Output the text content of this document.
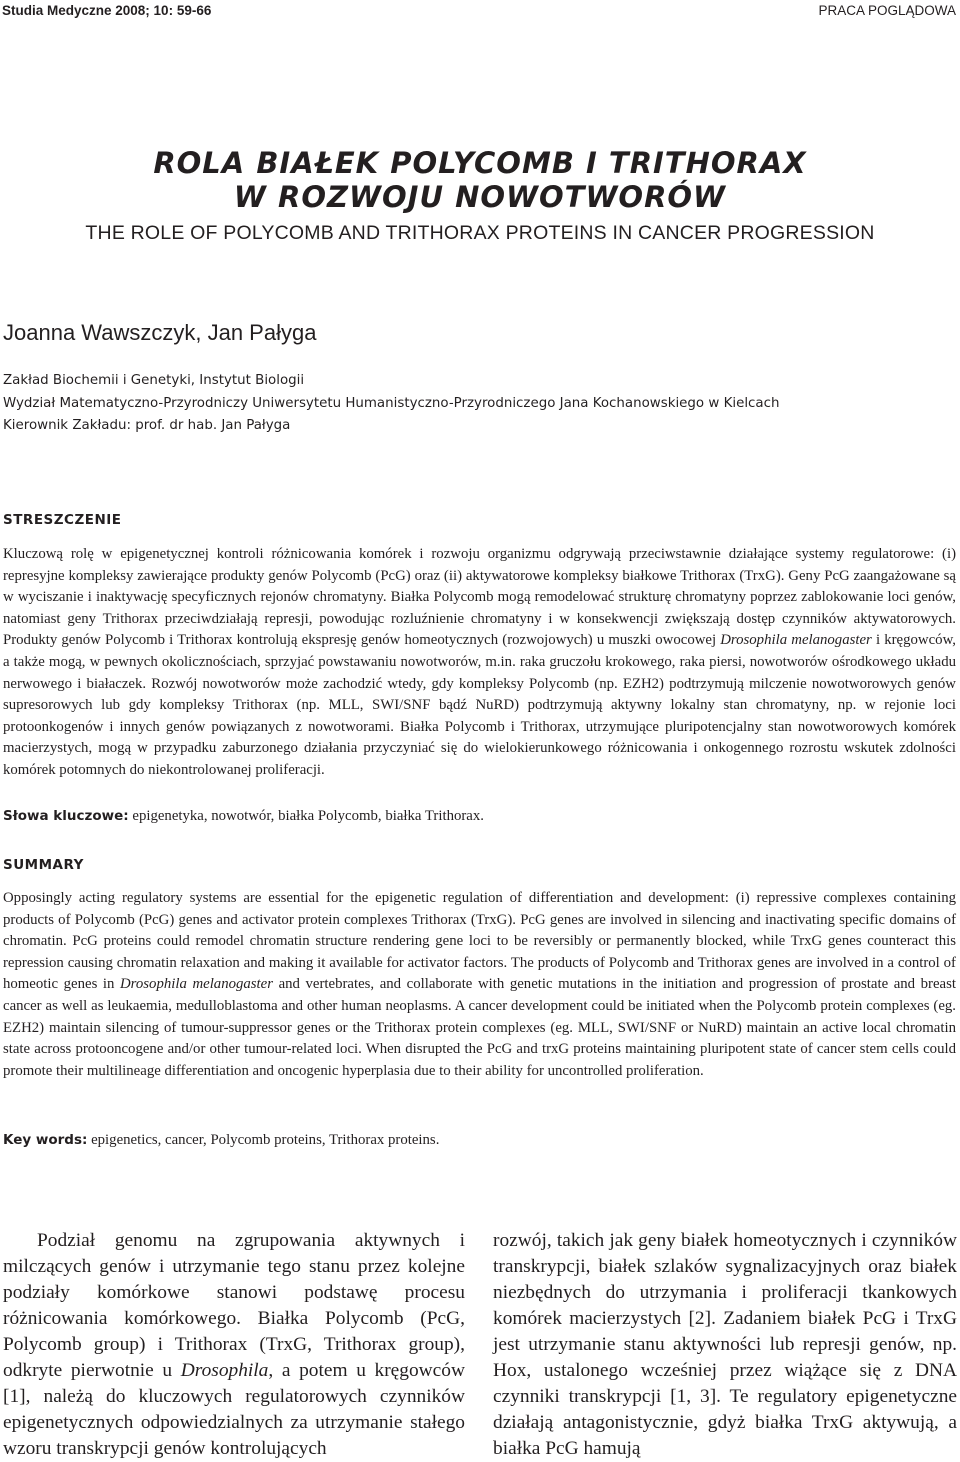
Studia Medyczne 2008; 10: 59-66	PRACA POGLĄDOWA
ROLA BIAŁEK POLYCOMB I TRITHORAX
W ROZWOJU NOWOTWORÓW
THE ROLE OF POLYCOMB AND TRITHORAX PROTEINS IN CANCER PROGRESSION
Joanna Wawszczyk, Jan Pałyga
Zakład Biochemii i Genetyki, Instytut Biologii
Wydział Matematyczno-Przyrodniczy Uniwersytetu Humanistyczno-Przyrodniczego Jana Kochanowskiego w Kielcach
Kierownik Zakładu: prof. dr hab. Jan Pałyga
STRESZCZENIE

Kluczową rolę w epigenetycznej kontroli różnicowania komórek i rozwoju organizmu odgrywają przeciwstawnie działające systemy regulatorowe: (i) represyjne kompleksy zawierające produkty genów Polycomb (PcG) oraz (ii) aktywatorowe kompleksy białkowe Trithorax (TrxG). Geny PcG zaangażowane są w wyciszanie i inaktywację specyficznych rejonów chromatyny. Białka Polycomb mogą remodelować strukturę chromatyny poprzez zablokowanie loci genów, natomiast geny Trithorax przeciwdziałają represji, powodując rozluźnienie chromatyny i w konsekwencji zwiększają dostęp czynników aktywatorowych. Produkty genów Polycomb i Trithorax kontrolują ekspresję genów homeotycznych (rozwojowych) u muszki owocowej Drosophila melanogaster i kręgowców, a także mogą, w pewnych okolicznościach, sprzyjać powstawaniu nowotworów, m.in. raka gruczołu krokowego, raka piersi, nowotworów ośrodkowego układu nerwowego i białaczek. Rozwój nowotworów może zachodzić wtedy, gdy kompleksy Polycomb (np. EZH2) podtrzymują milczenie nowotworowych genów supresorowych lub gdy kompleksy Trithorax (np. MLL, SWI/SNF bądź NuRD) podtrzymują aktywny lokalny stan chromatyny, np. w rejonie loci protoonkogenów i innych genów powiązanych z nowotworami. Białka Polycomb i Trithorax, utrzymujące pluripotencjalny stan nowotworowych komórek macierzystych, mogą w przypadku zaburzonego działania przyczyniać się do wielokierunkowego różnicowania i onkogennego rozrostu wskutek zdolności komórek potomnych do niekontrolowanej proliferacji.

Słowa kluczowe: epigenetyka, nowotwór, białka Polycomb, białka Trithorax.
SUMMARY

Opposingly acting regulatory systems are essential for the epigenetic regulation of differentiation and development: (i) repressive complexes containing products of Polycomb (PcG) genes and activator protein complexes Trithorax (TrxG). PcG genes are involved in silencing and inactivating specific domains of chromatin. PcG proteins could remodel chromatin structure rendering gene loci to be reversibly or permanently blocked, while TrxG genes counteract this repression causing chromatin relaxation and making it available for activator factors. The products of Polycomb and Trithorax genes are involved in a control of homeotic genes in Drosophila melanogaster and vertebrates, and collaborate with genetic mutations in the initiation and progression of prostate and breast cancer as well as leukaemia, medulloblastoma and other human neoplasms. A cancer development could be initiated when the Polycomb protein complexes (eg. EZH2) maintain silencing of tumour-suppressor genes or the Trithorax protein complexes (eg. MLL, SWI/SNF or NuRD) maintain an active local chromatin state across protooncogene and/or other tumour-related loci. When disrupted the PcG and trxG proteins maintaining pluripotent state of cancer stem cells could promote their multilineage differentiation and oncogenic hyperplasia due to their ability for uncontrolled proliferation.

Key words: epigenetics, cancer, Polycomb proteins, Trithorax proteins.

Podział genomu na zgrupowania aktywnych i milczących genów i utrzymanie tego stanu przez kolejne podziały komórkowe stanowi podstawę procesu różnicowania komórkowego. Białka Polycomb (PcG, Polycomb group) i Trithorax (TrxG, Trithorax group), odkryte pierwotnie u Drosophila, a potem u kręgowców [1], należą do kluczowych regulatorowych czynników epigenetycznych odpowiedzialnych za utrzymanie stałego wzoru transkrypcji genów kontrolujących

rozwój, takich jak geny białek homeotycznych i czynników transkrypcji, białek szlaków sygnalizacyjnych oraz białek niezbędnych do utrzymania i proliferacji tkankowych komórek macierzystych [2]. Zadaniem białek PcG i TrxG jest utrzymanie stanu aktywności lub represji genów, np. Hox, ustalonego wcześniej przez wiążące się z DNA czynniki transkrypcji [1, 3]. Te regulatory epigenetyczne działają antagonistycznie, gdyż białka TrxG aktywują, a białka PcG hamują
